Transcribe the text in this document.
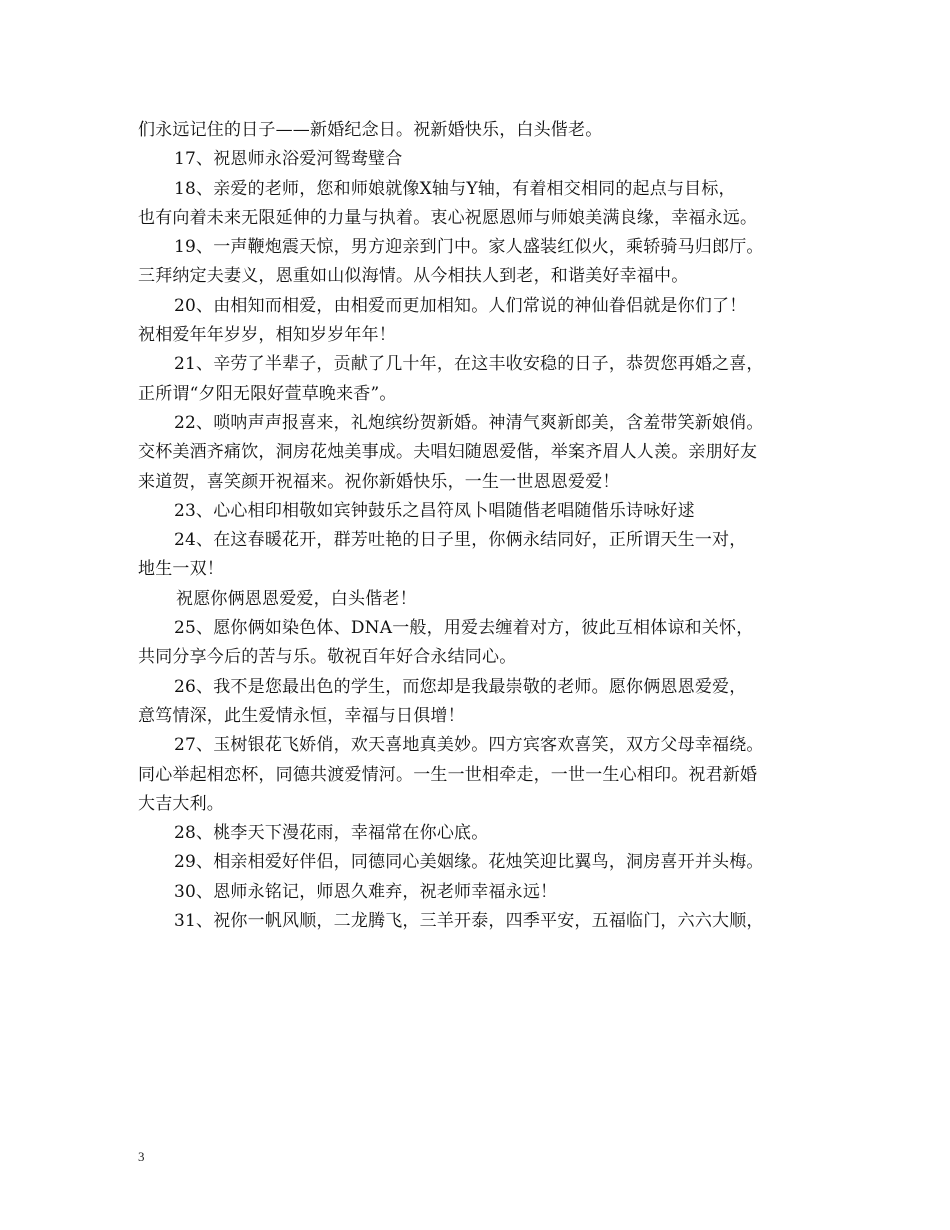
们永远记住的日子——新婚纪念日。祝新婚快乐，白头偕老。
17、祝恩师永浴爱河鸳鸯璧合
18、亲爱的老师，您和师娘就像X轴与Y轴，有着相交相同的起点与目标，
也有向着未来无限延伸的力量与执着。衷心祝愿恩师与师娘美满良缘，幸福永远。
19、一声鞭炮震天惊，男方迎亲到门中。家人盛装红似火，乘轿骑马归郎厅。
三拜纳定夫妻义，恩重如山似海情。从今相扶人到老，和谐美好幸福中。
20、由相知而相爱，由相爱而更加相知。人们常说的神仙眷侣就是你们了！
祝相爱年年岁岁，相知岁岁年年！
21、辛劳了半辈子，贡献了几十年，在这丰收安稳的日子，恭贺您再婚之喜，
正所谓“夕阳无限好萱草晚来香”。
22、唢呐声声报喜来，礼炮缤纷贺新婚。神清气爽新郎美，含羞带笑新娘俏。
交杯美酒齐痛饮，洞房花烛美事成。夫唱妇随恩爱偕，举案齐眉人人羡。亲朋好友
来道贺，喜笑颜开祝福来。祝你新婚快乐，一生一世恩恩爱爱！
23、心心相印相敬如宾钟鼓乐之昌符凤卜唱随偕老唱随偕乐诗咏好逑
24、在这春暖花开，群芳吐艳的日子里，你俩永结同好，正所谓天生一对，
地生一双！
祝愿你俩恩恩爱爱，白头偕老！
25、愿你俩如染色体、DNA一般，用爱去缠着对方，彼此互相体谅和关怀，
共同分享今后的苦与乐。敬祝百年好合永结同心。
26、我不是您最出色的学生，而您却是我最崇敬的老师。愿你俩恩恩爱爱，
意笃情深，此生爱情永恒，幸福与日俱增！
27、玉树银花飞娇俏，欢天喜地真美妙。四方宾客欢喜笑，双方父母幸福绕。
同心举起相恋杯，同德共渡爱情河。一生一世相牵走，一世一生心相印。祝君新婚
大吉大利。
28、桃李天下漫花雨，幸福常在你心底。
29、相亲相爱好伴侣，同德同心美姻缘。花烛笑迎比翼鸟，洞房喜开并头梅。
30、恩师永铭记，师恩久难弃，祝老师幸福永远！
31、祝你一帆风顺，二龙腾飞，三羊开泰，四季平安，五福临门，六六大顺，
3
